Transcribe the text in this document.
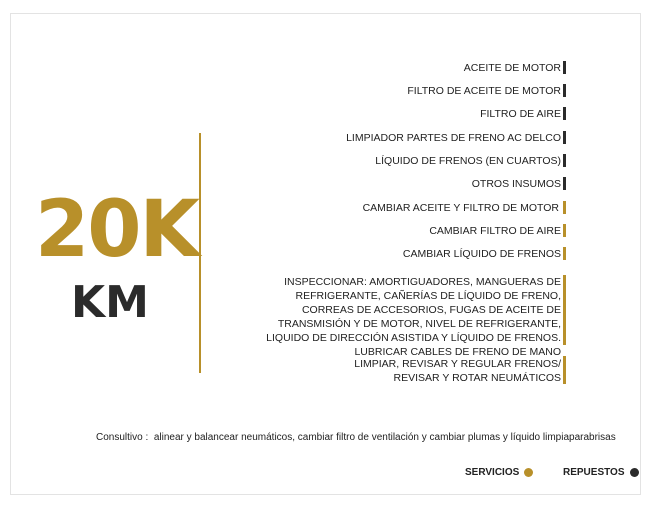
20K
KM
ACEITE DE MOTOR
FILTRO DE ACEITE DE MOTOR
FILTRO DE AIRE
LIMPIADOR PARTES DE FRENO AC DELCO
LÍQUIDO DE FRENOS (EN CUARTOS)
OTROS INSUMOS
CAMBIAR ACEITE Y FILTRO DE MOTOR
CAMBIAR FILTRO DE AIRE
CAMBIAR LÍQUIDO DE FRENOS
INSPECCIONAR: AMORTIGUADORES, MANGUERAS DE REFRIGERANTE, CAÑERÍAS DE LÍQUIDO DE FRENO, CORREAS DE ACCESORIOS, FUGAS DE ACEITE DE TRANSMISIÓN Y DE MOTOR, NIVEL DE REFRIGERANTE, LIQUIDO DE DIRECCIÓN ASISTIDA Y LÍQUIDO DE FRENOS. LUBRICAR CABLES DE FRENO DE MANO
LIMPIAR, REVISAR Y REGULAR FRENOS/ REVISAR Y ROTAR NEUMÁTICOS
Consultivo : alinear y balancear neumáticos, cambiar filtro de ventilación y cambiar plumas y líquido limpiaparabrisas
SERVICIOS	REPUESTOS
